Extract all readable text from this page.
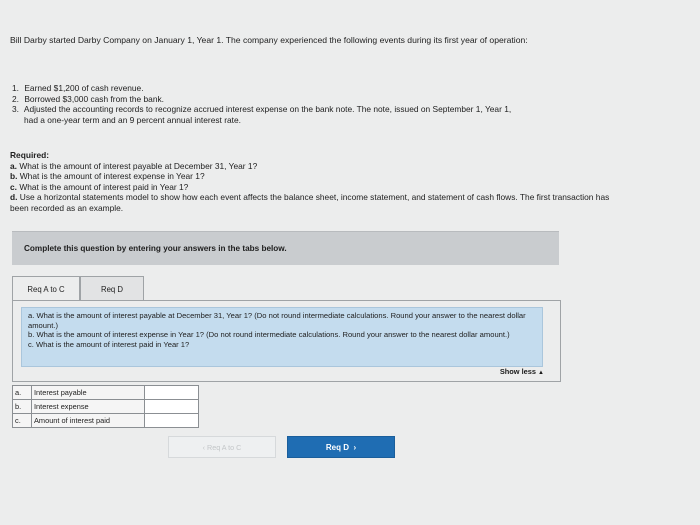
Bill Darby started Darby Company on January 1, Year 1. The company experienced the following events during its first year of operation:
1. Earned $1,200 of cash revenue.
2. Borrowed $3,000 cash from the bank.
3. Adjusted the accounting records to recognize accrued interest expense on the bank note. The note, issued on September 1, Year 1,
had a one-year term and an 9 percent annual interest rate.
Required:
a. What is the amount of interest payable at December 31, Year 1?
b. What is the amount of interest expense in Year 1?
c. What is the amount of interest paid in Year 1?
d. Use a horizontal statements model to show how each event affects the balance sheet, income statement, and statement of cash flows. The first transaction has been recorded as an example.
Complete this question by entering your answers in the tabs below.
Req A to C	Req D
a. What is the amount of interest payable at December 31, Year 1? (Do not round intermediate calculations. Round your answer to the nearest dollar amount.)
b. What is the amount of interest expense in Year 1? (Do not round intermediate calculations. Round your answer to the nearest dollar amount.)
c. What is the amount of interest paid in Year 1?
Show less ▲
a.	Interest payable	
b.	Interest expense	
c.	Amount of interest paid	
‹ Req A to C	Req D ›
